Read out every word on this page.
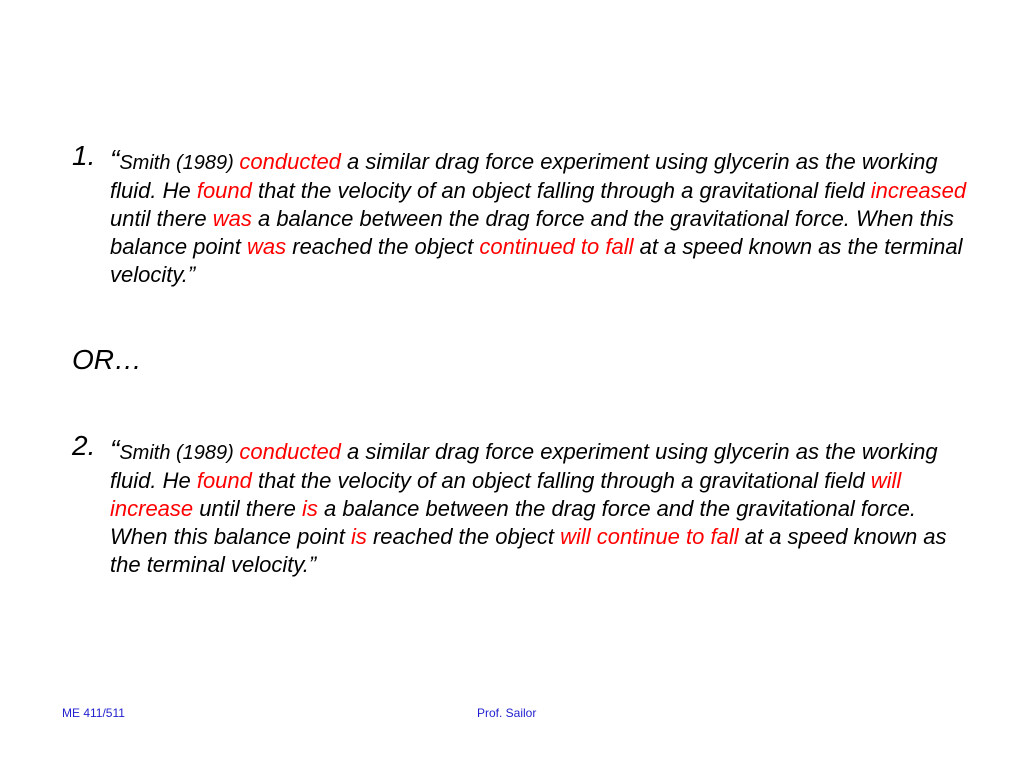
1. “Smith (1989) conducted a similar drag force experiment using glycerin as the working fluid. He found that the velocity of an object falling through a gravitational field increased until there was a balance between the drag force and the gravitational force. When this balance point was reached the object continued to fall at a speed known as the terminal velocity.”
OR…
2. “Smith (1989) conducted a similar drag force experiment using glycerin as the working fluid. He found that the velocity of an object falling through a gravitational field will increase until there is a balance between the drag force and the gravitational force. When this balance point is reached the object will continue to fall at a speed known as the terminal velocity.”
ME 411/511	Prof. Sailor
